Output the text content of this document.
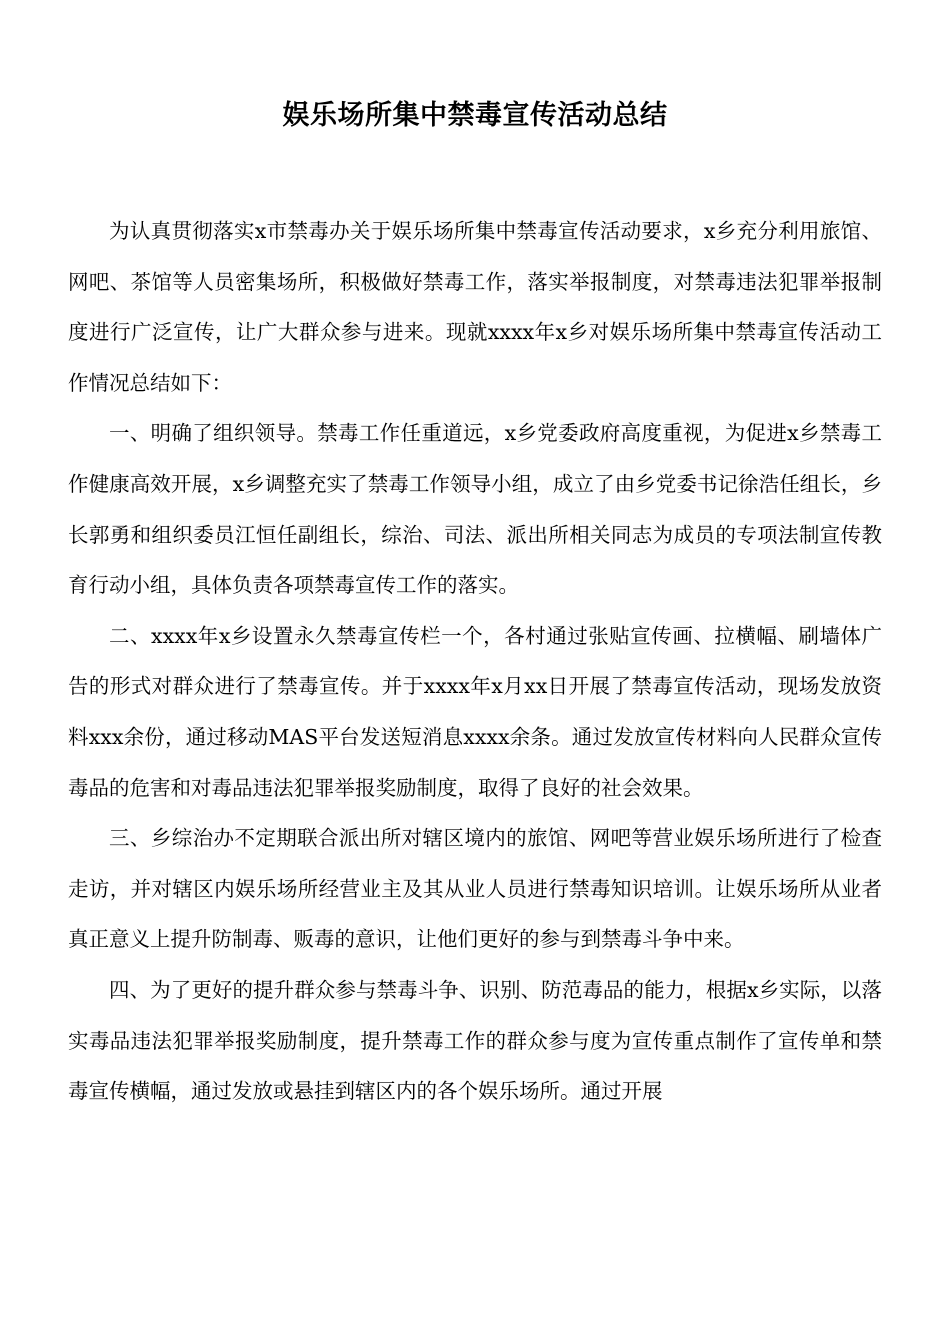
娱乐场所集中禁毒宣传活动总结

为认真贯彻落实x市禁毒办关于娱乐场所集中禁毒宣传活动要求，x乡充分利用旅馆、网吧、茶馆等人员密集场所，积极做好禁毒工作，落实举报制度，对禁毒违法犯罪举报制度进行广泛宣传，让广大群众参与进来。现就xxxx年x乡对娱乐场所集中禁毒宣传活动工作情况总结如下：

一、明确了组织领导。禁毒工作任重道远，x乡党委政府高度重视，为促进x乡禁毒工作健康高效开展，x乡调整充实了禁毒工作领导小组，成立了由乡党委书记徐浩任组长，乡长郭勇和组织委员江恒任副组长，综治、司法、派出所相关同志为成员的专项法制宣传教育行动小组，具体负责各项禁毒宣传工作的落实。

二、xxxx年x乡设置永久禁毒宣传栏一个，各村通过张贴宣传画、拉横幅、刷墙体广告的形式对群众进行了禁毒宣传。并于xxxx年x月xx日开展了禁毒宣传活动，现场发放资料xxx余份，通过移动MAS平台发送短消息xxxx余条。通过发放宣传材料向人民群众宣传毒品的危害和对毒品违法犯罪举报奖励制度，取得了良好的社会效果。

三、乡综治办不定期联合派出所对辖区境内的旅馆、网吧等营业娱乐场所进行了检查走访，并对辖区内娱乐场所经营业主及其从业人员进行禁毒知识培训。让娱乐场所从业者真正意义上提升防制毒、贩毒的意识，让他们更好的参与到禁毒斗争中来。

四、为了更好的提升群众参与禁毒斗争、识别、防范毒品的能力，根据x乡实际，以落实毒品违法犯罪举报奖励制度，提升禁毒工作的群众参与度为宣传重点制作了宣传单和禁毒宣传横幅，通过发放或悬挂到辖区内的各个娱乐场所。通过开展
